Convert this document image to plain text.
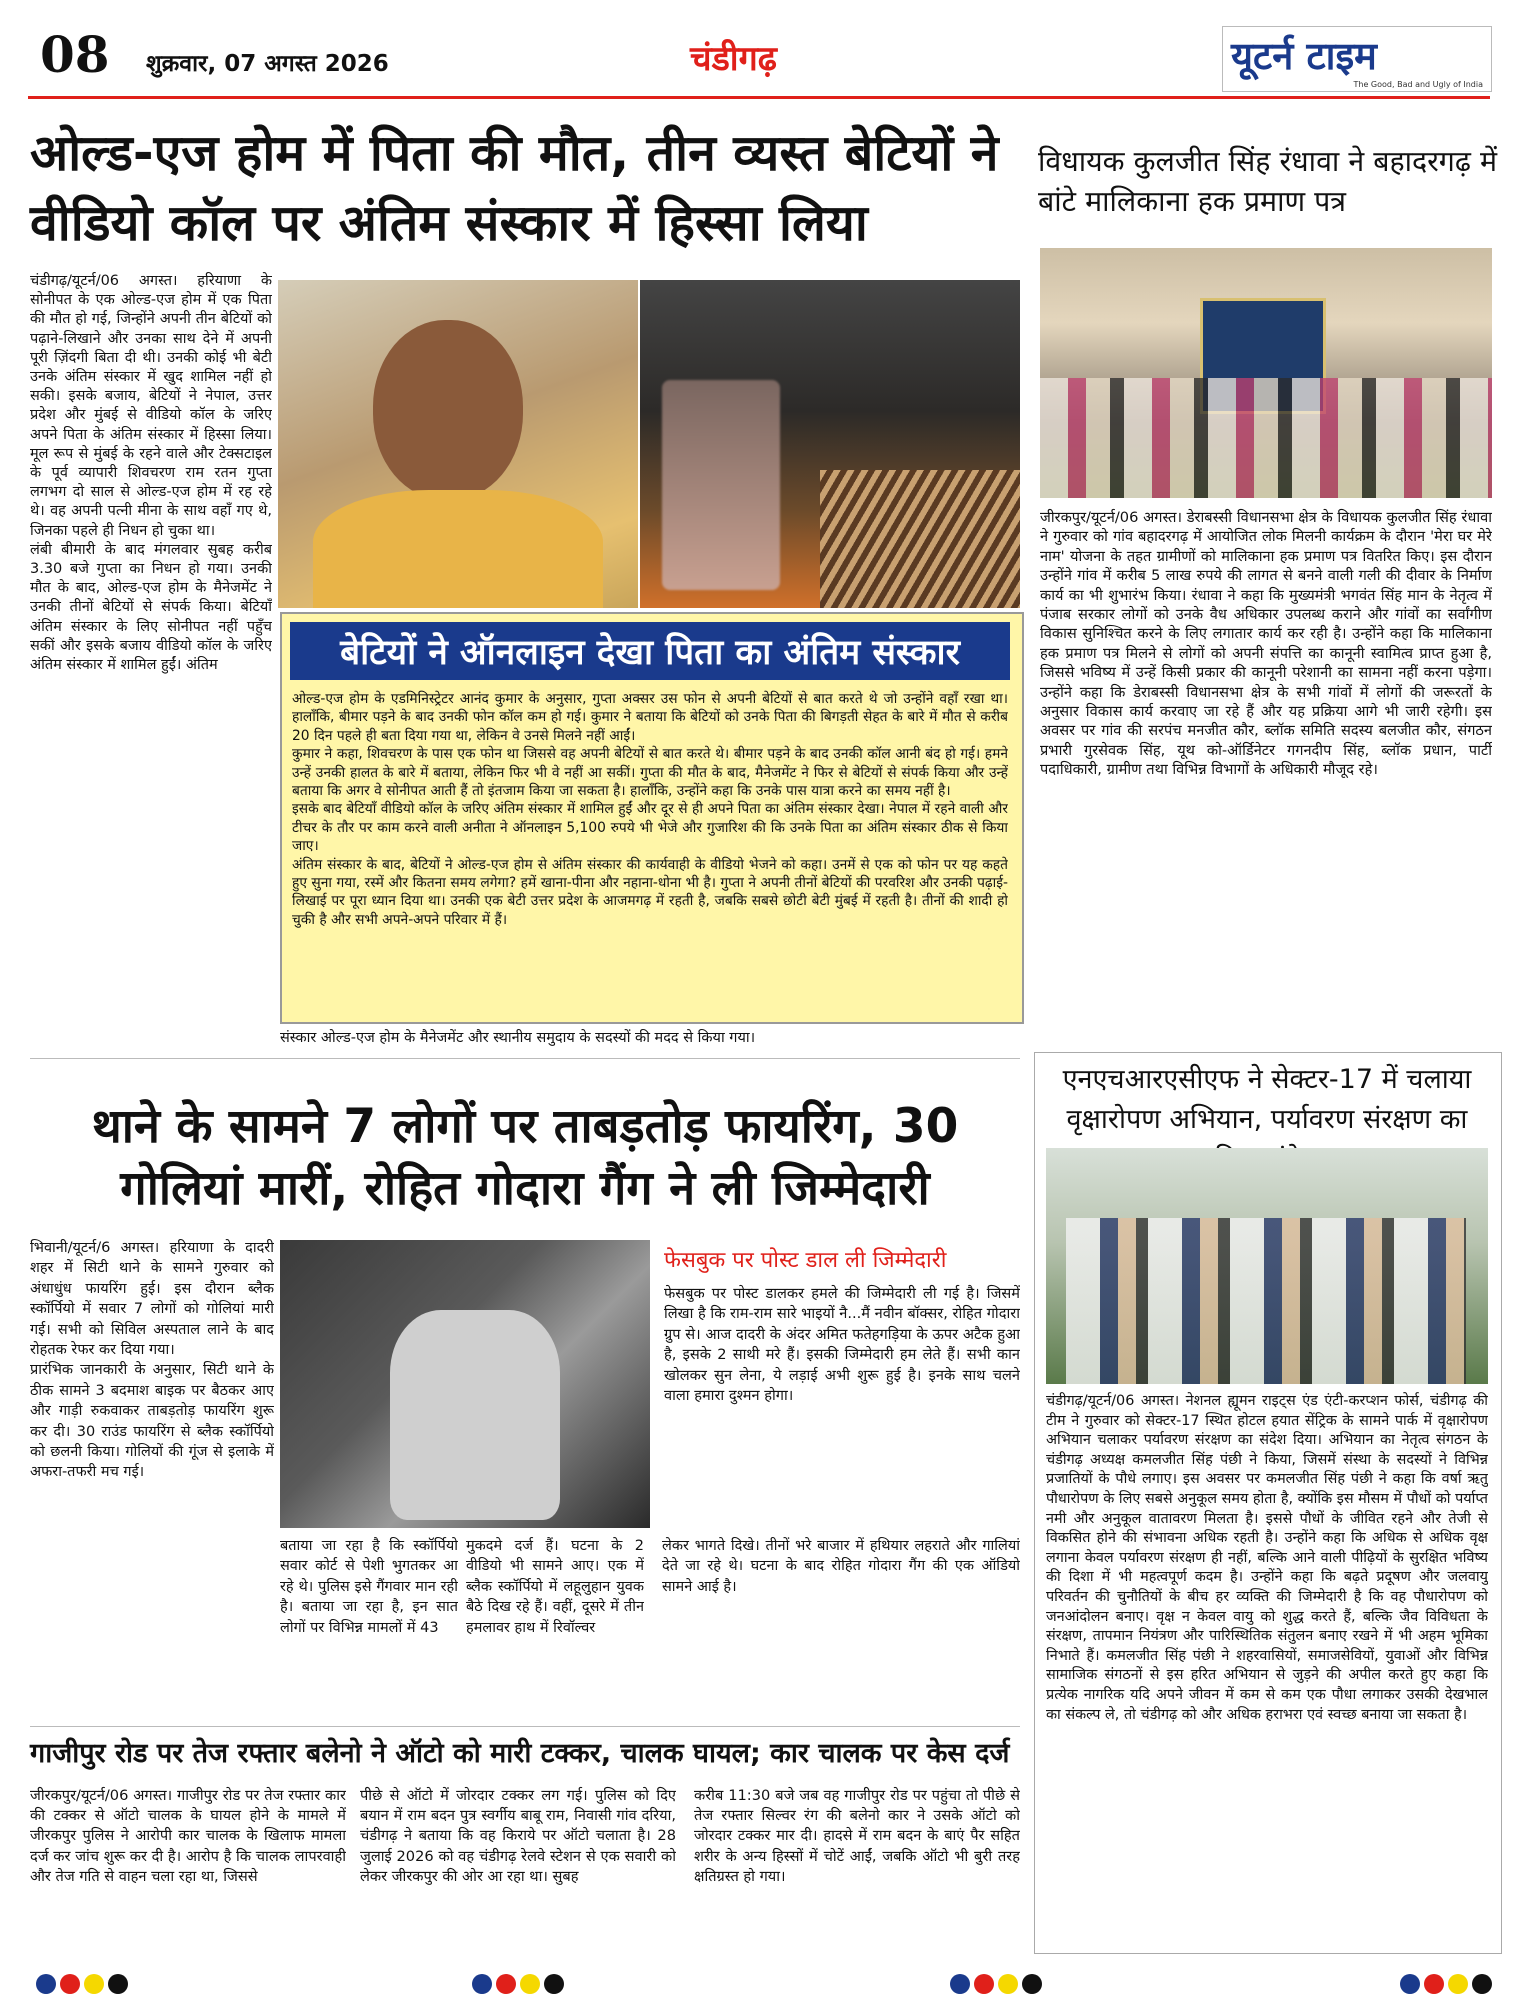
08 शुक्रवार, 07 अगस्त 2026	चंडीगढ़	यूटर्न टाइम
The Good, Bad and Ugly of India
ओल्ड-एज होम में पिता की मौत, तीन व्यस्त बेटियों ने वीडियो कॉल पर अंतिम संस्कार में हिस्सा लिया
चंडीगढ़/यूटर्न/06 अगस्त। हरियाणा के सोनीपत के एक ओल्ड-एज होम में एक पिता की मौत हो गई, जिन्होंने अपनी तीन बेटियों को पढ़ाने-लिखाने और उनका साथ देने में अपनी पूरी ज़िंदगी बिता दी थी। उनकी कोई भी बेटी उनके अंतिम संस्कार में खुद शामिल नहीं हो सकी। इसके बजाय, बेटियों ने नेपाल, उत्तर प्रदेश और मुंबई से वीडियो कॉल के जरिए अपने पिता के अंतिम संस्कार में हिस्सा लिया। मूल रूप से मुंबई के रहने वाले और टेक्सटाइल के पूर्व व्यापारी शिवचरण राम रतन गुप्ता लगभग दो साल से ओल्ड-एज होम में रह रहे थे। वह अपनी पत्नी मीना के साथ वहाँ गए थे, जिनका पहले ही निधन हो चुका था।
लंबी बीमारी के बाद मंगलवार सुबह करीब 3.30 बजे गुप्ता का निधन हो गया। उनकी मौत के बाद, ओल्ड-एज होम के मैनेजमेंट ने उनकी तीनों बेटियों से संपर्क किया। बेटियाँ अंतिम संस्कार के लिए सोनीपत नहीं पहुँच सकीं और इसके बजाय वीडियो कॉल के जरिए अंतिम संस्कार में शामिल हुईं। अंतिम	बेटियों ने ऑनलाइन देखा पिता का अंतिम संस्कार
ओल्ड-एज होम के एडमिनिस्ट्रेटर आनंद कुमार के अनुसार, गुप्ता अक्सर उस फोन से अपनी बेटियों से बात करते थे जो उन्होंने वहाँ रखा था। हालाँकि, बीमार पड़ने के बाद उनकी फोन कॉल कम हो गई। कुमार ने बताया कि बेटियों को उनके पिता की बिगड़ती सेहत के बारे में मौत से करीब 20 दिन पहले ही बता दिया गया था, लेकिन वे उनसे मिलने नहीं आईं।
कुमार ने कहा, शिवचरण के पास एक फोन था जिससे वह अपनी बेटियों से बात करते थे। बीमार पड़ने के बाद उनकी कॉल आनी बंद हो गई। हमने उन्हें उनकी हालत के बारे में बताया, लेकिन फिर भी वे नहीं आ सकीं। गुप्ता की मौत के बाद, मैनेजमेंट ने फिर से बेटियों से संपर्क किया और उन्हें बताया कि अगर वे सोनीपत आती हैं तो इंतजाम किया जा सकता है। हालाँकि, उन्होंने कहा कि उनके पास यात्रा करने का समय नहीं है।
इसके बाद बेटियाँ वीडियो कॉल के जरिए अंतिम संस्कार में शामिल हुईं और दूर से ही अपने पिता का अंतिम संस्कार देखा। नेपाल में रहने वाली और टीचर के तौर पर काम करने वाली अनीता ने ऑनलाइन 5,100 रुपये भी भेजे और गुजारिश की कि उनके पिता का अंतिम संस्कार ठीक से किया जाए।
अंतिम संस्कार के बाद, बेटियों ने ओल्ड-एज होम से अंतिम संस्कार की कार्यवाही के वीडियो भेजने को कहा। उनमें से एक को फोन पर यह कहते हुए सुना गया, रस्में और कितना समय लगेगा? हमें खाना-पीना और नहाना-धोना भी है। गुप्ता ने अपनी तीनों बेटियों की परवरिश और उनकी पढ़ाई-लिखाई पर पूरा ध्यान दिया था। उनकी एक बेटी उत्तर प्रदेश के आजमगढ़ में रहती है, जबकि सबसे छोटी बेटी मुंबई में रहती है। तीनों की शादी हो चुकी है और सभी अपने-अपने परिवार में हैं।
संस्कार ओल्ड-एज होम के मैनेजमेंट और स्थानीय समुदाय के सदस्यों की मदद से किया गया।
विधायक कुलजीत सिंह रंधावा ने बहादरगढ़ में बांटे मालिकाना हक प्रमाण पत्र
जीरकपुर/यूटर्न/06 अगस्त। डेराबस्सी विधानसभा क्षेत्र के विधायक कुलजीत सिंह रंधावा ने गुरुवार को गांव बहादरगढ़ में आयोजित लोक मिलनी कार्यक्रम के दौरान 'मेरा घर मेरे नाम' योजना के तहत ग्रामीणों को मालिकाना हक प्रमाण पत्र वितरित किए। इस दौरान उन्होंने गांव में करीब 5 लाख रुपये की लागत से बनने वाली गली की दीवार के निर्माण कार्य का भी शुभारंभ किया। रंधावा ने कहा कि मुख्यमंत्री भगवंत सिंह मान के नेतृत्व में पंजाब सरकार लोगों को उनके वैध अधिकार उपलब्ध कराने और गांवों का सर्वांगीण विकास सुनिश्चित करने के लिए लगातार कार्य कर रही है। उन्होंने कहा कि मालिकाना हक प्रमाण पत्र मिलने से लोगों को अपनी संपत्ति का कानूनी स्वामित्व प्राप्त हुआ है, जिससे भविष्य में उन्हें किसी प्रकार की कानूनी परेशानी का सामना नहीं करना पड़ेगा। उन्होंने कहा कि डेराबस्सी विधानसभा क्षेत्र के सभी गांवों में लोगों की जरूरतों के अनुसार विकास कार्य करवाए जा रहे हैं और यह प्रक्रिया आगे भी जारी रहेगी। इस अवसर पर गांव की सरपंच मनजीत कौर, ब्लॉक समिति सदस्य बलजीत कौर, संगठन प्रभारी गुरसेवक सिंह, यूथ को-ऑर्डिनेटर गगनदीप सिंह, ब्लॉक प्रधान, पार्टी पदाधिकारी, ग्रामीण तथा विभिन्न विभागों के अधिकारी मौजूद रहे।
थाने के सामने 7 लोगों पर ताबड़तोड़ फायरिंग, 30 गोलियां मारीं, रोहित गोदारा गैंग ने ली जिम्मेदारी
भिवानी/यूटर्न/6 अगस्त। हरियाणा के दादरी शहर में सिटी थाने के सामने गुरुवार को अंधाधुंध फायरिंग हुई। इस दौरान ब्लैक स्कॉर्पियो में सवार 7 लोगों को गोलियां मारी गई। सभी को सिविल अस्पताल लाने के बाद रोहतक रेफर कर दिया गया।
प्रारंभिक जानकारी के अनुसार, सिटी थाने के ठीक सामने 3 बदमाश बाइक पर बैठकर आए और गाड़ी रुकवाकर ताबड़तोड़ फायरिंग शुरू कर दी। 30 राउंड फायरिंग से ब्लैक स्कॉर्पियो को छलनी किया। गोलियों की गूंज से इलाके में अफरा-तफरी मच गई।
फेसबुक पर पोस्ट डाल ली जिम्मेदारी
फेसबुक पर पोस्ट डालकर हमले की जिम्मेदारी ली गई है। जिसमें लिखा है कि राम-राम सारे भाइयों नै...मैं नवीन बॉक्सर, रोहित गोदारा ग्रुप से। आज दादरी के अंदर अमित फतेहगड़िया के ऊपर अटैक हुआ है, इसके 2 साथी मरे हैं। इसकी जिम्मेदारी हम लेते हैं। सभी कान खोलकर सुन लेना, ये लड़ाई अभी शुरू हुई है। इनके साथ चलने वाला हमारा दुश्मन होगा।
बताया जा रहा है कि स्कॉर्पियो सवार कोर्ट से पेशी भुगतकर आ रहे थे। पुलिस इसे गैंगवार मान रही है। बताया जा रहा है, इन सात लोगों पर विभिन्न मामलों में 43
मुकदमे दर्ज हैं। घटना के 2 वीडियो भी सामने आए। एक में ब्लैक स्कॉर्पियो में लहूलुहान युवक बैठे दिख रहे हैं। वहीं, दूसरे में तीन हमलावर हाथ में रिवॉल्वर
लेकर भागते दिखे। तीनों भरे बाजार में हथियार लहराते और गालियां देते जा रहे थे। घटना के बाद रोहित गोदारा गैंग की एक ऑडियो सामने आई है।
एनएचआरएसीएफ ने सेक्टर-17 में चलाया वृक्षारोपण अभियान, पर्यावरण संरक्षण का
चंडीगढ़/यूटर्न/06 अगस्त। नेशनल ह्यूमन राइट्स एंड एंटी-करप्शन फोर्स, चंडीगढ़ की टीम ने गुरुवार को सेक्टर-17 स्थित होटल हयात सेंट्रिक के सामने पार्क में वृक्षारोपण अभियान चलाकर पर्यावरण संरक्षण का संदेश दिया। अभियान का नेतृत्व संगठन के चंडीगढ़ अध्यक्ष कमलजीत सिंह पंछी ने किया, जिसमें संस्था के सदस्यों ने विभिन्न प्रजातियों के पौधे लगाए। इस अवसर पर कमलजीत सिंह पंछी ने कहा कि वर्षा ऋतु पौधारोपण के लिए सबसे अनुकूल समय होता है, क्योंकि इस मौसम में पौधों को पर्याप्त नमी और अनुकूल वातावरण मिलता है। इससे पौधों के जीवित रहने और तेजी से विकसित होने की संभावना अधिक रहती है। उन्होंने कहा कि अधिक से अधिक वृक्ष लगाना केवल पर्यावरण संरक्षण ही नहीं, बल्कि आने वाली पीढ़ियों के सुरक्षित भविष्य की दिशा में भी महत्वपूर्ण कदम है। उन्होंने कहा कि बढ़ते प्रदूषण और जलवायु परिवर्तन की चुनौतियों के बीच हर व्यक्ति की जिम्मेदारी है कि वह पौधारोपण को जनआंदोलन बनाए। वृक्ष न केवल वायु को शुद्ध करते हैं, बल्कि जैव विविधता के संरक्षण, तापमान नियंत्रण और पारिस्थितिक संतुलन बनाए रखने में भी अहम भूमिका निभाते हैं। कमलजीत सिंह पंछी ने शहरवासियों, समाजसेवियों, युवाओं और विभिन्न सामाजिक संगठनों से इस हरित अभियान से जुड़ने की अपील करते हुए कहा कि प्रत्येक नागरिक यदि अपने जीवन में कम से कम एक पौधा लगाकर उसकी देखभाल का संकल्प ले, तो चंडीगढ़ को और अधिक हराभरा एवं स्वच्छ बनाया जा सकता है।
गाजीपुर रोड पर तेज रफ्तार बलेनो ने ऑटो को मारी टक्कर, चालक घायल; कार चालक पर केस दर्ज
जीरकपुर/यूटर्न/06 अगस्त। गाजीपुर रोड पर तेज रफ्तार कार की टक्कर से ऑटो चालक के घायल होने के मामले में जीरकपुर पुलिस ने आरोपी कार चालक के खिलाफ मामला दर्ज कर जांच शुरू कर दी है। आरोप है कि चालक लापरवाही और तेज गति से वाहन चला रहा था, जिससे
पीछे से ऑटो में जोरदार टक्कर लग गई। पुलिस को दिए बयान में राम बदन पुत्र स्वर्गीय बाबू राम, निवासी गांव दरिया, चंडीगढ़ ने बताया कि वह किराये पर ऑटो चलाता है। 28 जुलाई 2026 को वह चंडीगढ़ रेलवे स्टेशन से एक सवारी को लेकर जीरकपुर की ओर आ रहा था। सुबह
करीब 11:30 बजे जब वह गाजीपुर रोड पर पहुंचा तो पीछे से तेज रफ्तार सिल्वर रंग की बलेनो कार ने उसके ऑटो को जोरदार टक्कर मार दी। हादसे में राम बदन के बाएं पैर सहित शरीर के अन्य हिस्सों में चोटें आईं, जबकि ऑटो भी बुरी तरह क्षतिग्रस्त हो गया।
